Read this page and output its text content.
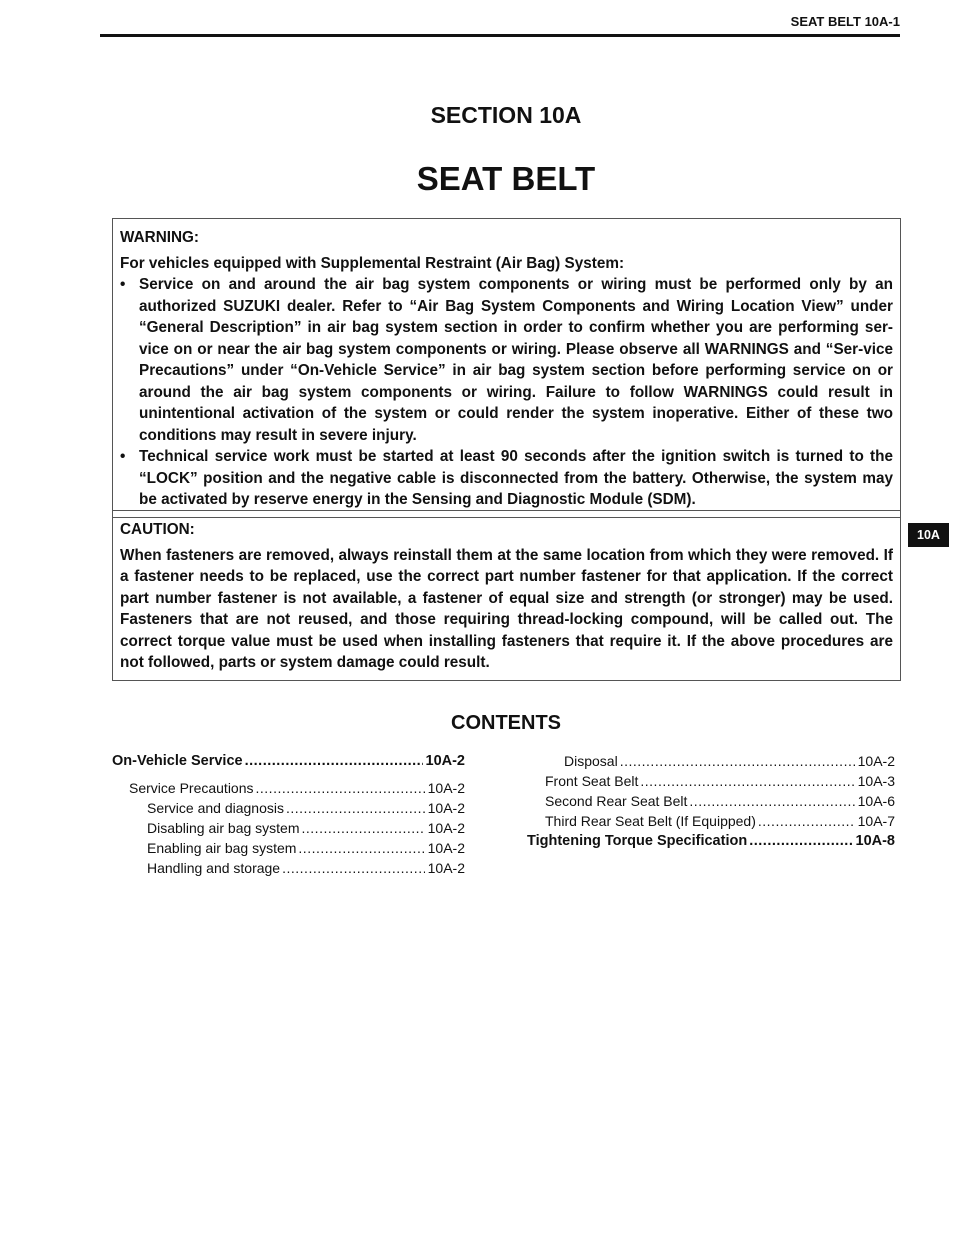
SEAT BELT 10A-1
SECTION 10A
SEAT BELT

WARNING:

For vehicles equipped with Supplemental Restraint (Air Bag) System:

• Service on and around the air bag system components or wiring must be performed only by an authorized SUZUKI dealer. Refer to “Air Bag System Components and Wiring Location View” under “General Description” in air bag system section in order to confirm whether you are performing ser-vice on or near the air bag system components or wiring. Please observe all WARNINGS and “Ser-vice Precautions” under “On-Vehicle Service” in air bag system section before performing service on or around the air bag system components or wiring. Failure to follow WARNINGS could result in unintentional activation of the system or could render the system inoperative. Either of these two conditions may result in severe injury.
• Technical service work must be started at least 90 seconds after the ignition switch is turned to the “LOCK” position and the negative cable is disconnected from the battery. Otherwise, the system may be activated by reserve energy in the Sensing and Diagnostic Module (SDM).
10A

CAUTION:

When fasteners are removed, always reinstall them at the same location from which they were removed. If a fastener needs to be replaced, use the correct part number fastener for that application. If the correct part number fastener is not available, a fastener of equal size and strength (or stronger) may be used. Fasteners that are not reused, and those requiring thread-locking compound, will be called out. The correct torque value must be used when installing fasteners that require it. If the above procedures are not followed, parts or system damage could result.

CONTENTS
On-Vehicle Service .....	10A-2
Service Precautions .....	10A-2
Service and diagnosis .....	10A-2
Disabling air bag system .....	10A-2
Enabling air bag system .....	10A-2
Handling and storage .....	10A-2
Disposal .....	10A-2
Front Seat Belt .....	10A-3
Second Rear Seat Belt .....	10A-6
Third Rear Seat Belt (If Equipped) .....	10A-7
Tightening Torque Specification .....	10A-8
